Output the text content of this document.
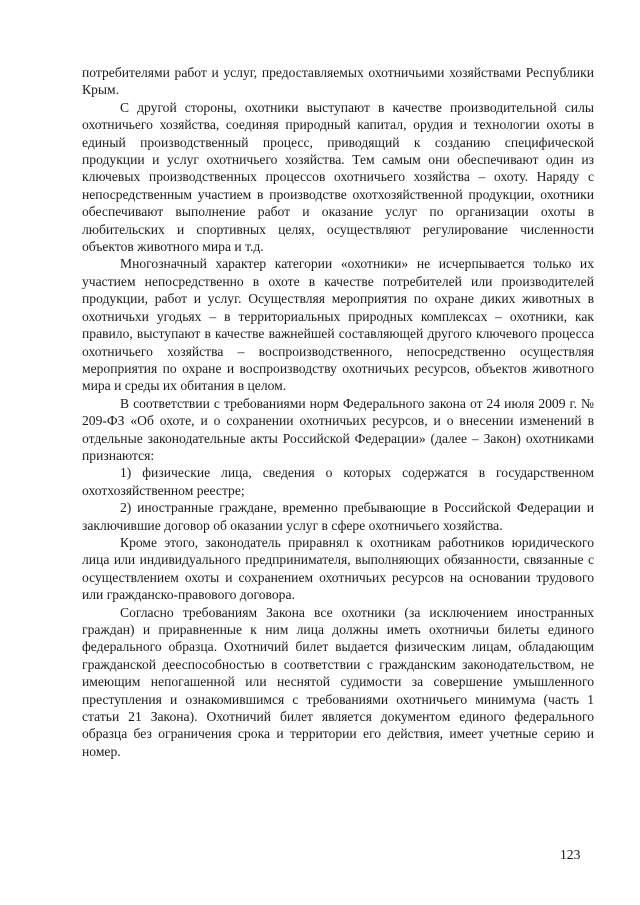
потребителями работ и услуг, предоставляемых охотничьими хозяйствами Республики Крым.

С другой стороны, охотники выступают в качестве производительной силы охотничьего хозяйства, соединяя природный капитал, орудия и технологии охоты в единый производственный процесс, приводящий к созданию специфической продукции и услуг охотничьего хозяйства. Тем самым они обеспечивают один из ключевых производственных процессов охотничьего хозяйства – охоту. Наряду с непосредственным участием в производстве охотхозяйственной продукции, охотники обеспечивают выполнение работ и оказание услуг по организации охоты в любительских и спортивных целях, осуществляют регулирование численности объектов животного мира и т.д.

Многозначный характер категории «охотники» не исчерпывается только их участием непосредственно в охоте в качестве потребителей или производителей продукции, работ и услуг. Осуществляя мероприятия по охране диких животных в охотничьхи угодьях – в территориальных природных комплексах – охотники, как правило, выступают в качестве важнейшей составляющей другого ключевого процесса охотничьего хозяйства – воспроизводственного, непосредственно осуществляя мероприятия по охране и воспроизводству охотничьих ресурсов, объектов животного мира и среды их обитания в целом.

В соответствии с требованиями норм Федерального закона от 24 июля 2009 г. № 209-ФЗ «Об охоте, и о сохранении охотничьих ресурсов, и о внесении изменений в отдельные законодательные акты Российской Федерации» (далее – Закон) охотниками признаются:

1) физические лица, сведения о которых содержатся в государственном охотхозяйственном реестре;

2) иностранные граждане, временно пребывающие в Российской Федерации и заключившие договор об оказании услуг в сфере охотничьего хозяйства.

Кроме этого, законодатель приравнял к охотникам работников юридического лица или индивидуального предпринимателя, выполняющих обязанности, связанные с осуществлением охоты и сохранением охотничьих ресурсов на основании трудового или гражданско-правового договора.

Согласно требованиям Закона все охотники (за исключением иностранных граждан) и приравненные к ним лица должны иметь охотничьи билеты единого федерального образца. Охотничий билет выдается физическим лицам, обладающим гражданской дееспособностью в соответствии с гражданским законодательством, не имеющим непогашенной или неснятой судимости за совершение умышленного преступления и ознакомившимся с требованиями охотничьего минимума (часть 1 статьи 21 Закона). Охотничий билет является документом единого федерального образца без ограничения срока и территории его действия, имеет учетные серию и номер.

123
